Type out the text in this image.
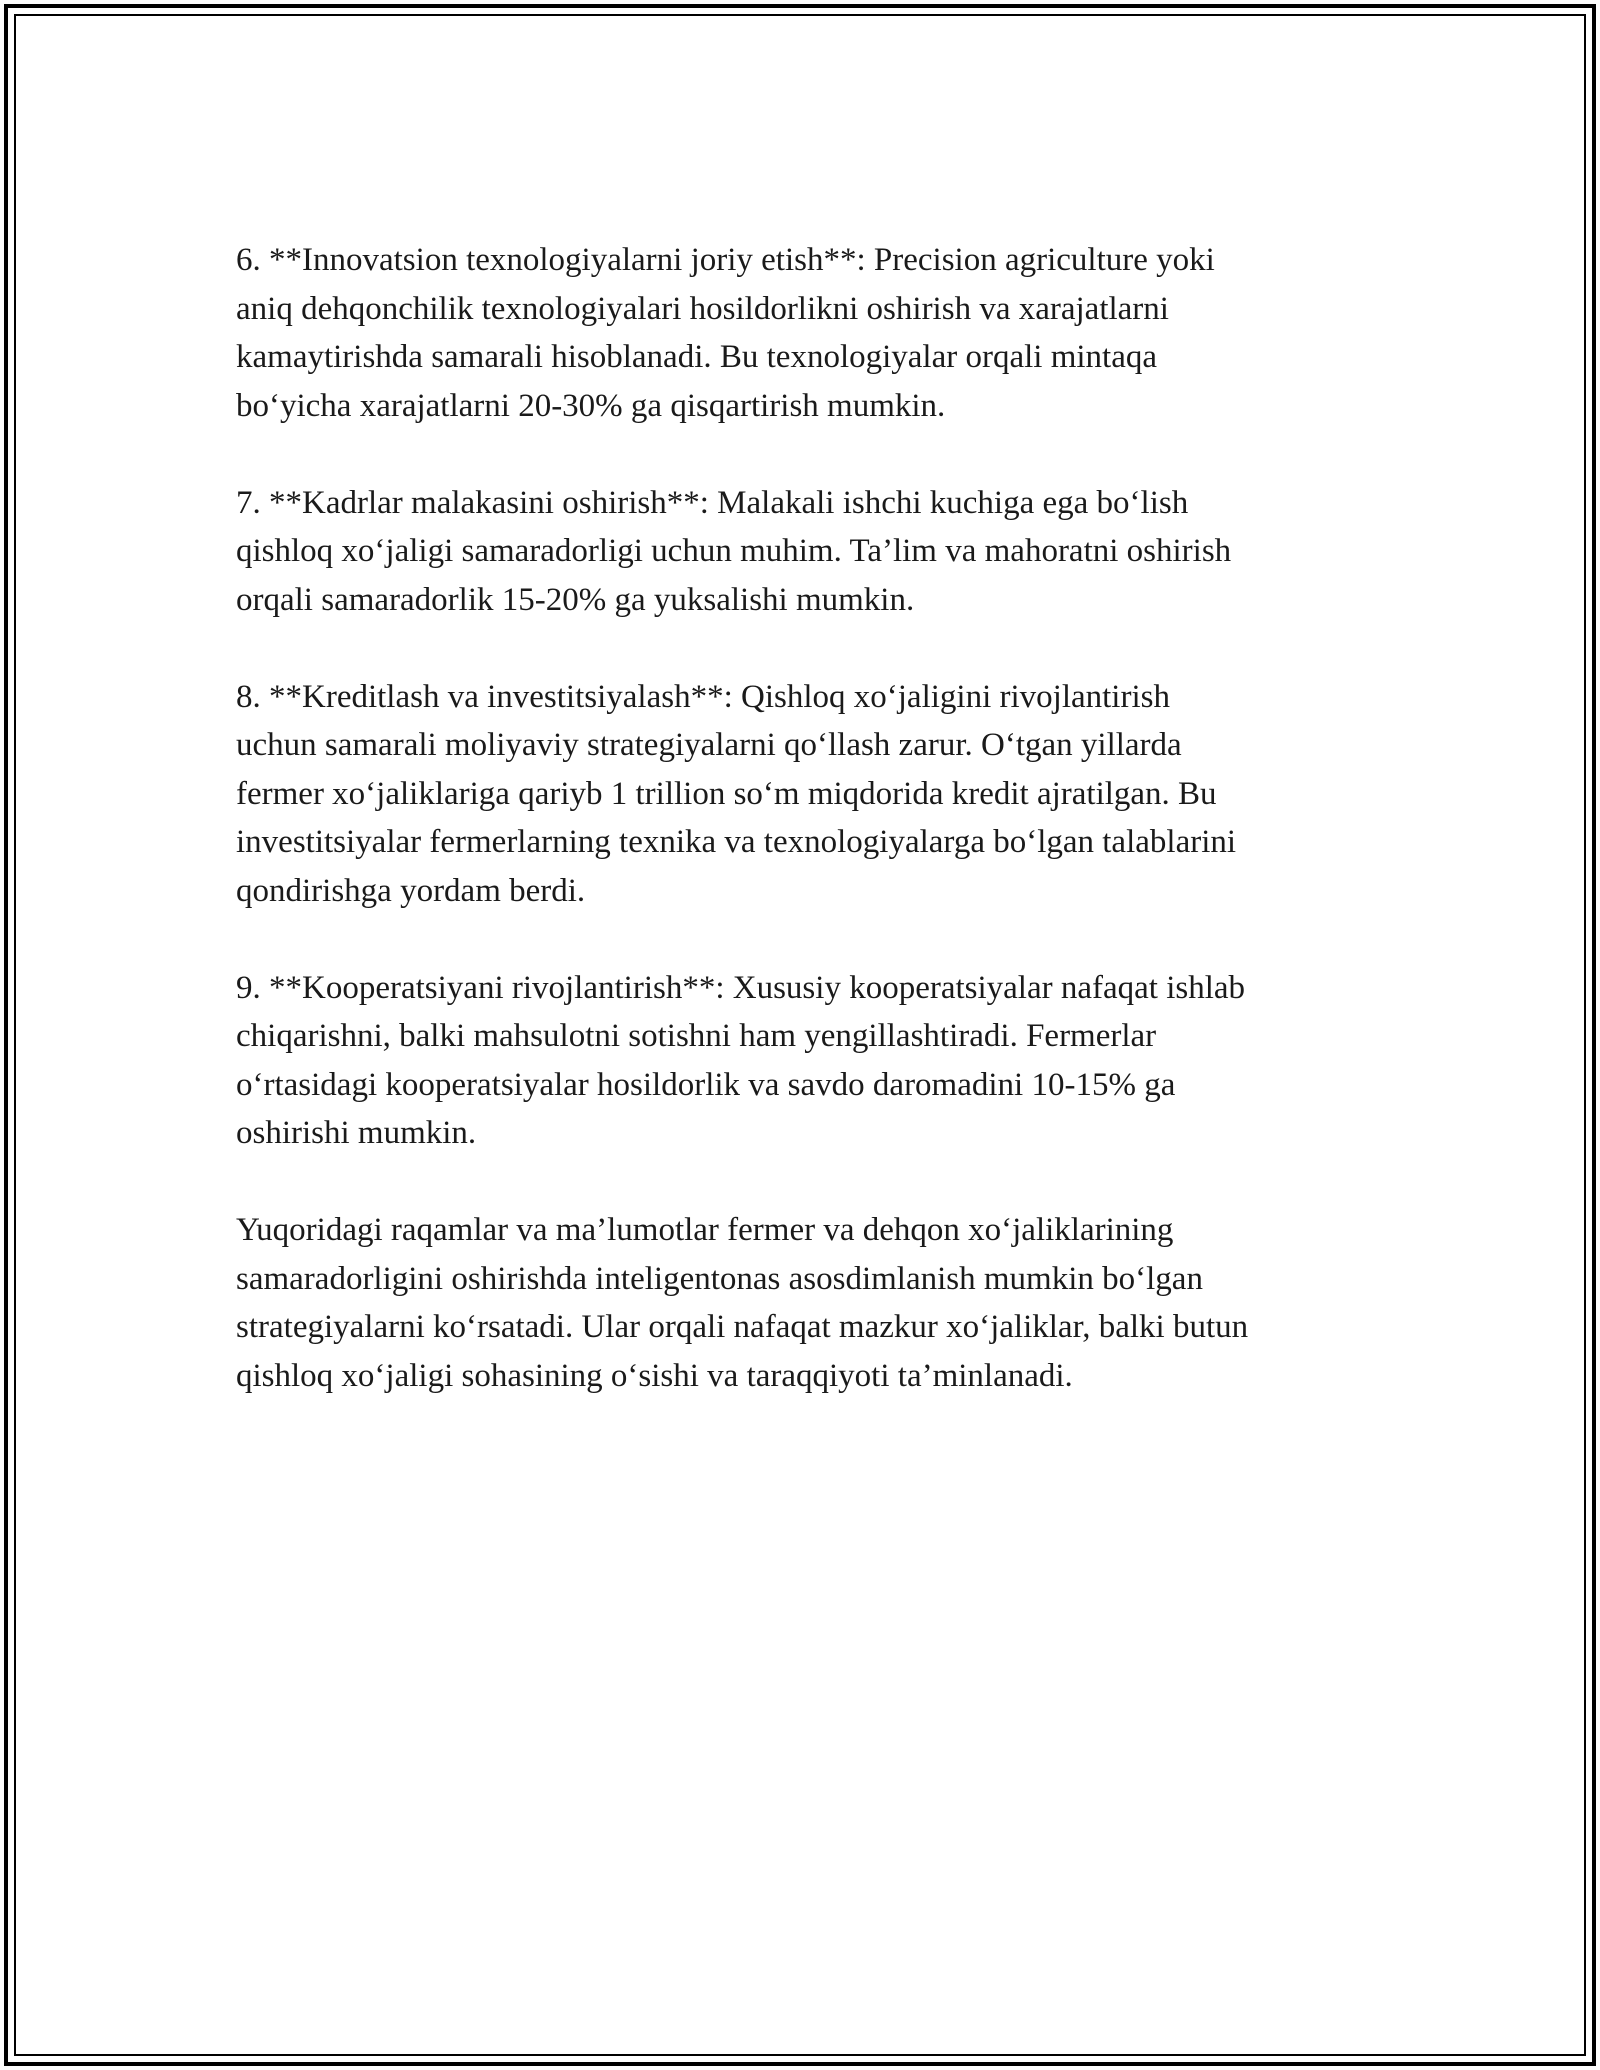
6. **Innovatsion texnologiyalarni joriy etish**: Precision agriculture yoki
aniq dehqonchilik texnologiyalari hosildorlikni oshirish va xarajatlarni
kamaytirishda samarali hisoblanadi. Bu texnologiyalar orqali mintaqa
bo‘yicha xarajatlarni 20-30% ga qisqartirish mumkin.

7. **Kadrlar malakasini oshirish**: Malakali ishchi kuchiga ega bo‘lish
qishloq xo‘jaligi samaradorligi uchun muhim. Ta’lim va mahoratni oshirish
orqali samaradorlik 15-20% ga yuksalishi mumkin.

8. **Kreditlash va investitsiyalash**: Qishloq xo‘jaligini rivojlantirish
uchun samarali moliyaviy strategiyalarni qo‘llash zarur. O‘tgan yillarda
fermer xo‘jaliklariga qariyb 1 trillion so‘m miqdorida kredit ajratilgan. Bu
investitsiyalar fermerlarning texnika va texnologiyalarga bo‘lgan talablarini
qondirishga yordam berdi.

9. **Kooperatsiyani rivojlantirish**: Xususiy kooperatsiyalar nafaqat ishlab
chiqarishni, balki mahsulotni sotishni ham yengillashtiradi. Fermerlar
o‘rtasidagi kooperatsiyalar hosildorlik va savdo daromadini 10-15% ga
oshirishi mumkin.

Yuqoridagi raqamlar va ma’lumotlar fermer va dehqon xo‘jaliklarining
samaradorligini oshirishda inteligentonas asosdimlanish mumkin bo‘lgan
strategiyalarni ko‘rsatadi. Ular orqali nafaqat mazkur xo‘jaliklar, balki butun
qishloq xo‘jaligi sohasining o‘sishi va taraqqiyoti ta’minlanadi.
